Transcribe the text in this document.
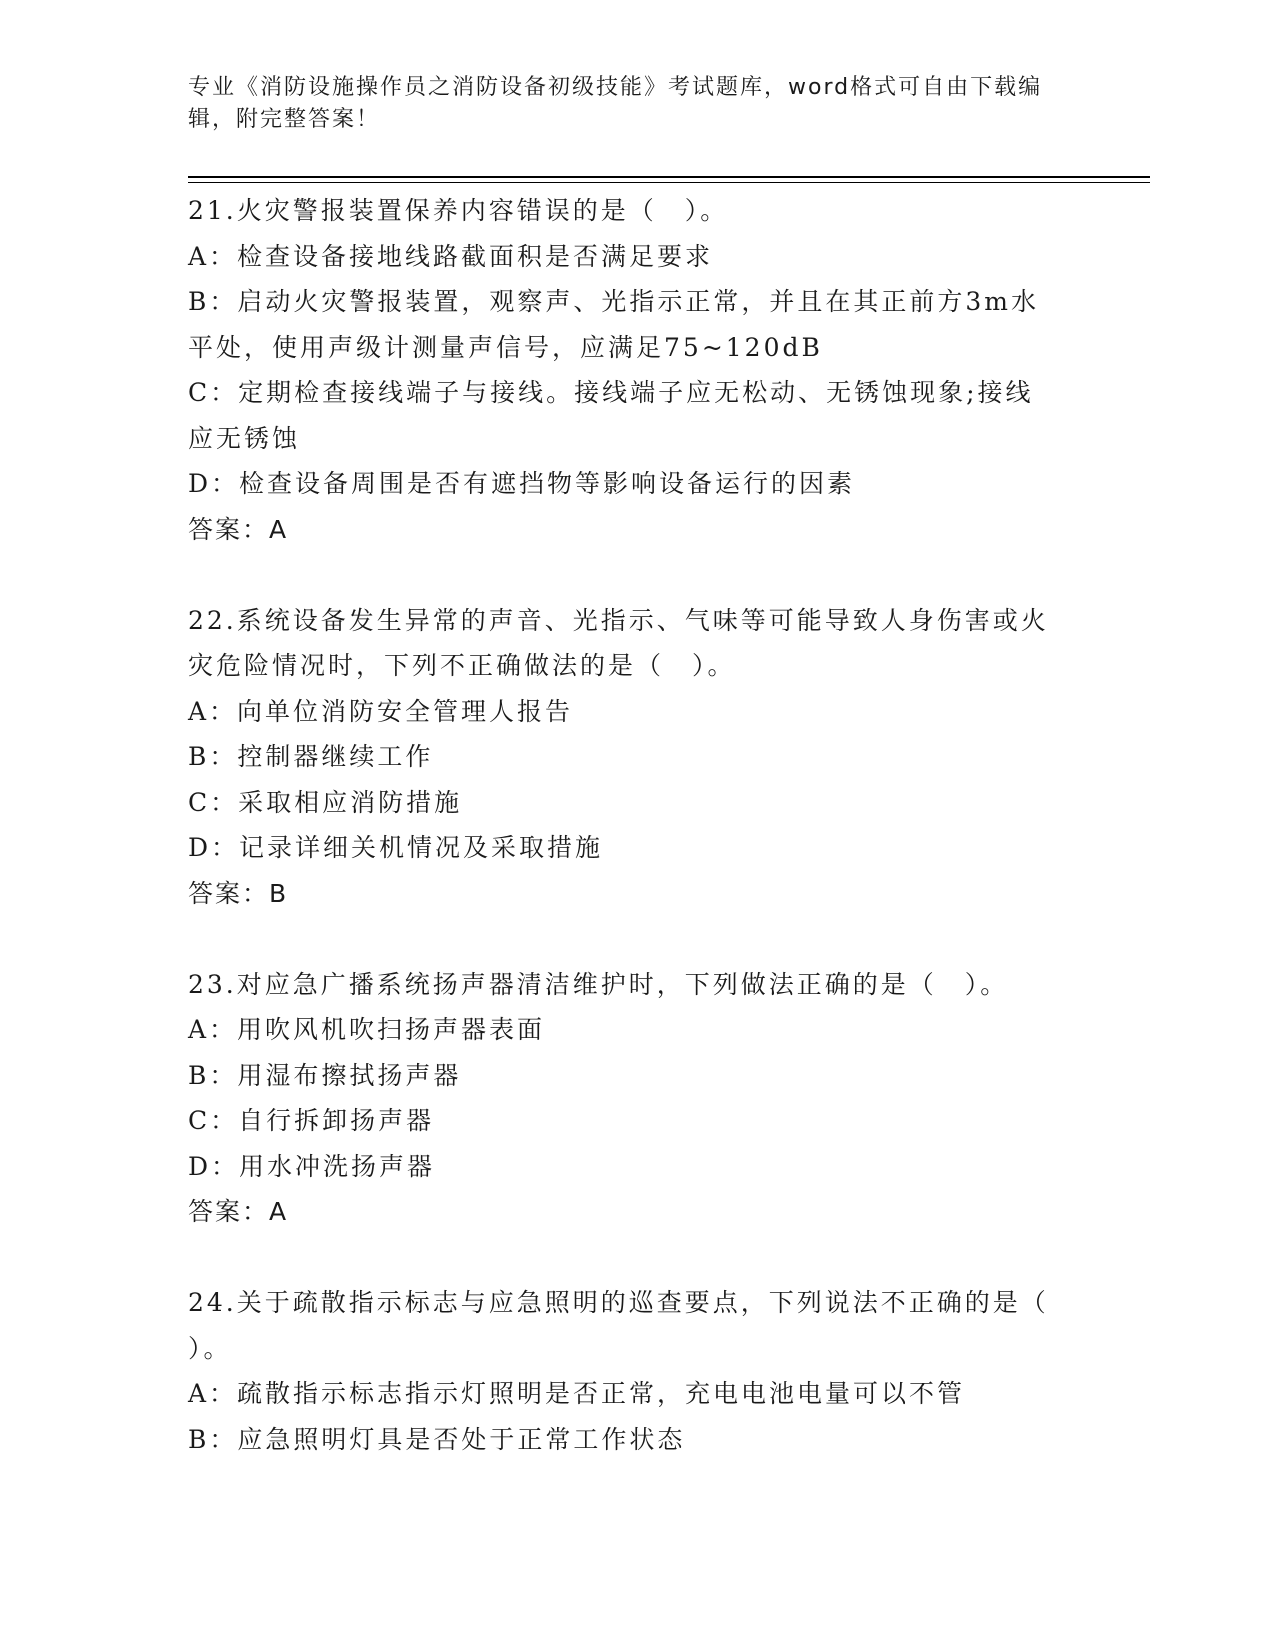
专业《消防设施操作员之消防设备初级技能》考试题库，word格式可自由下载编
辑，附完整答案！
21.火灾警报装置保养内容错误的是（　）。
A：检查设备接地线路截面积是否满足要求
B：启动火灾警报装置，观察声、光指示正常，并且在其正前方3m水
平处，使用声级计测量声信号，应满足75~120dB
C：定期检查接线端子与接线。接线端子应无松动、无锈蚀现象;接线
应无锈蚀
D：检查设备周围是否有遮挡物等影响设备运行的因素
答案：A
22.系统设备发生异常的声音、光指示、气味等可能导致人身伤害或火
灾危险情况时，下列不正确做法的是（　）。
A：向单位消防安全管理人报告
B：控制器继续工作
C：采取相应消防措施
D：记录详细关机情况及采取措施
答案：B
23.对应急广播系统扬声器清洁维护时，下列做法正确的是（　）。
A：用吹风机吹扫扬声器表面
B：用湿布擦拭扬声器
C：自行拆卸扬声器
D：用水冲洗扬声器
答案：A
24.关于疏散指示标志与应急照明的巡查要点，下列说法不正确的是（
）。
A：疏散指示标志指示灯照明是否正常，充电电池电量可以不管
B：应急照明灯具是否处于正常工作状态
